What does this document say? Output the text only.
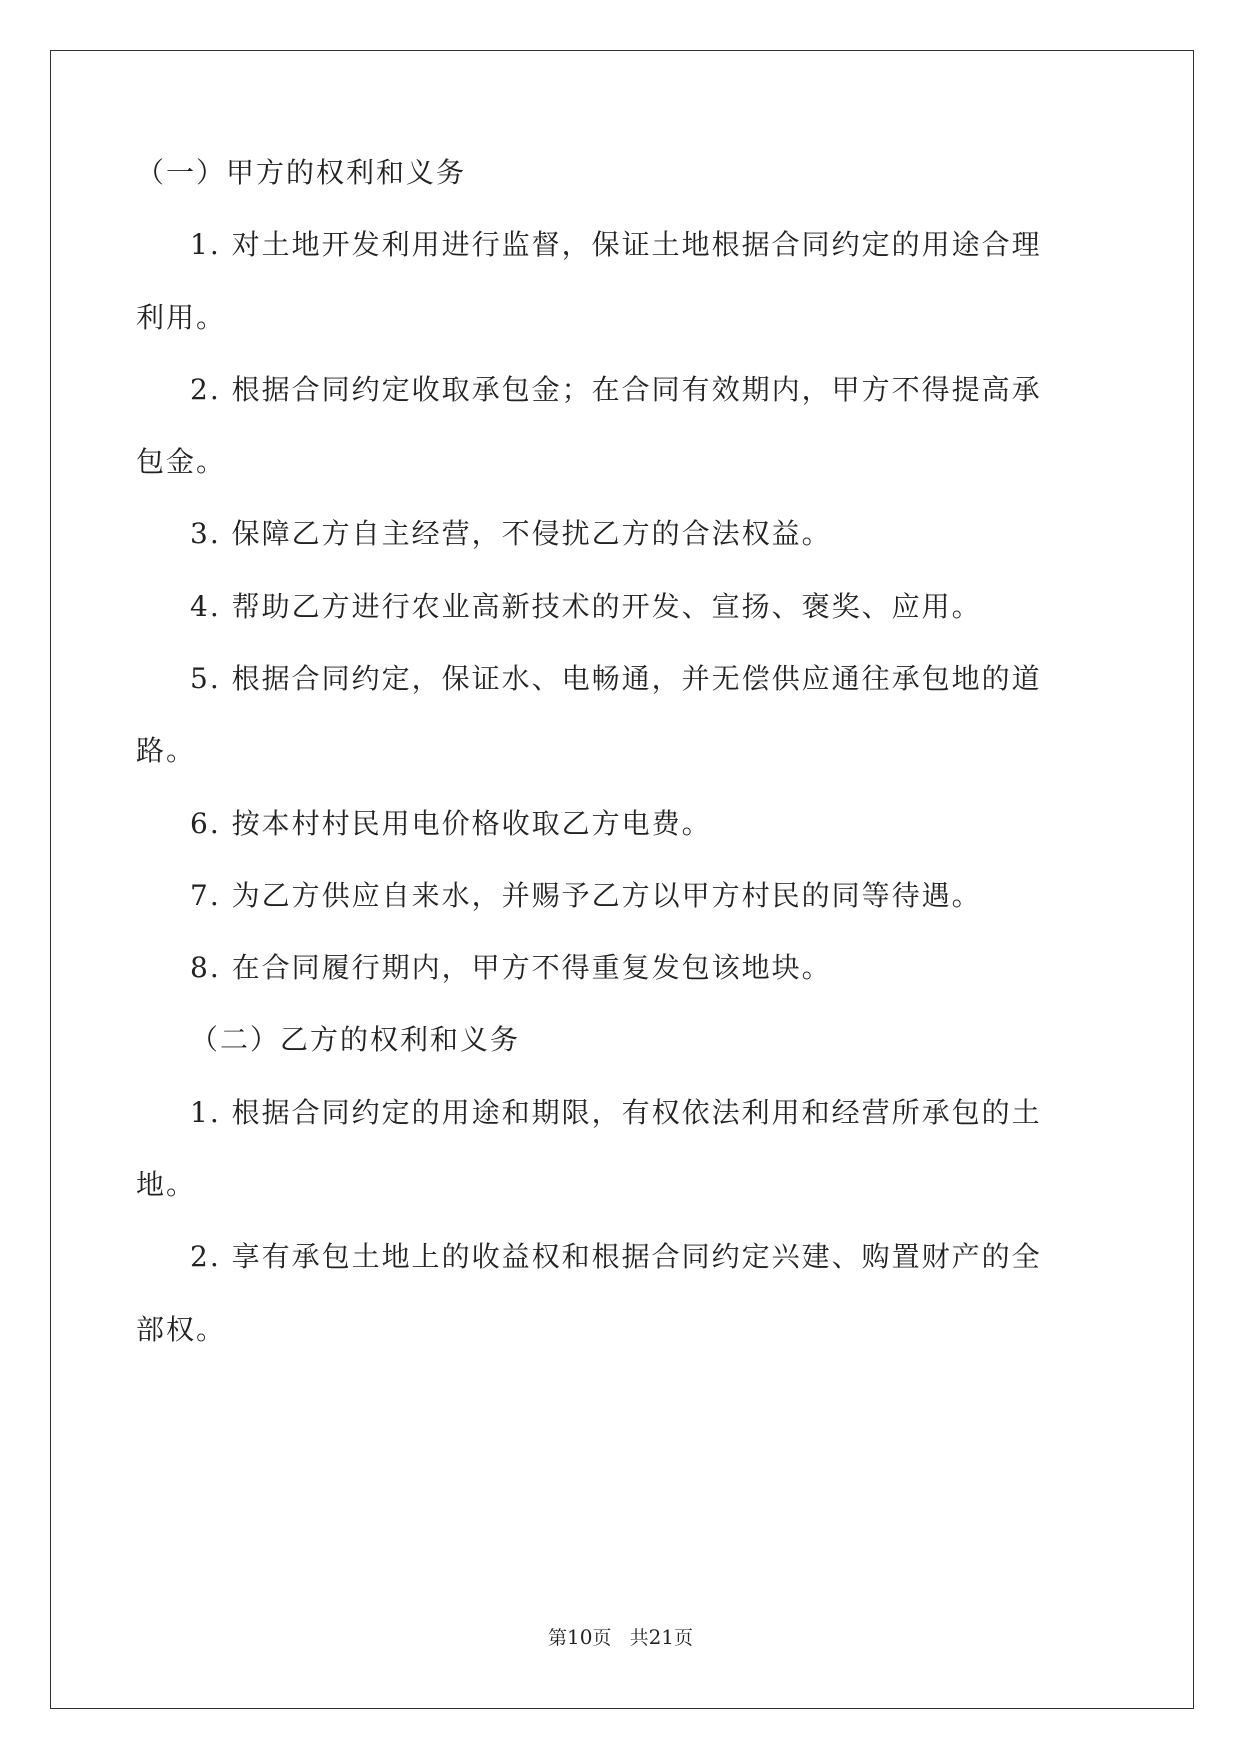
（一）甲方的权利和义务

1. 对土地开发利用进行监督，保证土地根据合同约定的用途合理

利用。

2. 根据合同约定收取承包金；在合同有效期内，甲方不得提高承

包金。

3. 保障乙方自主经营，不侵扰乙方的合法权益。

4. 帮助乙方进行农业高新技术的开发、宣扬、褒奖、应用。

5. 根据合同约定，保证水、电畅通，并无偿供应通往承包地的道

路。

6. 按本村村民用电价格收取乙方电费。

7. 为乙方供应自来水，并赐予乙方以甲方村民的同等待遇。

8. 在合同履行期内，甲方不得重复发包该地块。

（二）乙方的权利和义务

1. 根据合同约定的用途和期限，有权依法利用和经营所承包的土

地。

2. 享有承包土地上的收益权和根据合同约定兴建、购置财产的全

部权。

第10页 共21页
